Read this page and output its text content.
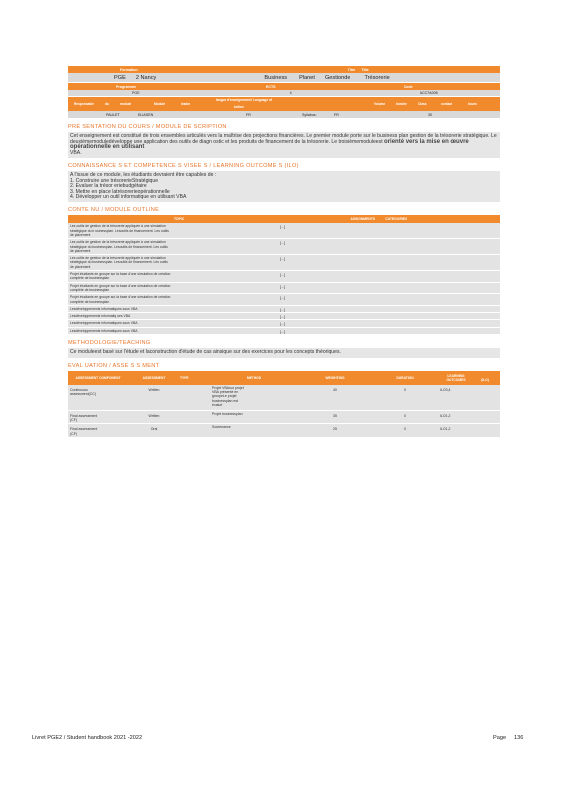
Formation	Titre Title
PGE 2 Nancy	Business Planet Gestionde	Trésorerie
Programme	ECTS	Code
PGE	4	ACC7A008
Responsable	du	module	Module	leader
langue d'enseignement/ Language of
tuition
Volume	horaire	Class	contact	hours
PAULET	ELIASEN	FR	Syllabus:	FR	30
PRÉ SENTATION DU COURS / MODULE DE SCRIPTION
Cet enseignement est constitué de trois ensembles articulés vers la maîtrise des projections financières. Le premier module porte sur le business plan gestion de la trésorerie stratégique. Le deuxièmemoduledéveloppe une application des outils de diagn ostic et les produits de financement de la trésorerie. Le troisièmemoduleest orienté vers la mise en œuvre opérationnelle en utilisant
VBA.
CONNAISSANCE S ET COMPETENCE S VISEE S / LEARNING OUTCOME S (ILO)
A l'issue de ce module, les étudiants devraient être capables de :
1. Construire une trésorerieStratégique
2. Evaluer la trésor eriebudgétaire
3. Mettre en place latrésorerieopérationnelle
4. Développer un outil informatique en utilisant VBA
CONTE NU / MODULE OUTLINE
TOPIC	ASSIGNMENTS	CATEGORIES
Les outils de gestion de la trésorerie appliquée à une simulation
stratégique du b usinessplan. Lesoutils de financement. Les outils
de placement
[...]
Les outils de gestion de la trésorerie appliquée à une simulation
stratégique du businessplan. Lesoutils de financement. Les outils
de placement
[...]
Les outils de gestion de la trésorerie appliquée à une simulation
stratégique du businessplan. Lesoutils de financement. Les outils
de placement
[...]
Projet étudiants en groupe sur la base d'une simulation de création
complète de businessplan
[...]
Projet étudiants en groupe sur la base d'une simulation de création
complète de businessplan
[...]
Projet étudiants en groupe sur la base d'une simulation de création
complète de businessplan
[...]
Lesdéveloppements informatiques sous VBA	[...]
Lesdéveloppements informatiq ues VBA	[...]
Lesdéveloppements informatiques sous VBA	[...]
Lesdéveloppements informatiques sous VBA	[...]
METHODOLOGIE/TEACHING
Ce moduleest basé sur l'étude et laconstruction d'étude de cas ainsique sur des exercices pour les concepts théoriques.
EVAL UATION / ASSE S S MENT
ASSESSMENT COMPONENT	ASSESSMENT	TYPE	METHOD	WEIGHTING	DURATION	LEARNING OUTCOMES	(ILO)
Continuous
assessment(CC)
Written	Projet VBAsur projet
VBA présenté en
groupeLe projet
businessplan est
évalué
40	0	ILO3,4
Final assessment
(CF)
Written	Projet businessplan	35	0	ILO1,2
Final assessment
(CF)
Oral	Soutenance	25	0	ILO1,2
Livret PGE2 / Student handbook 2021 -2022	Page 136
